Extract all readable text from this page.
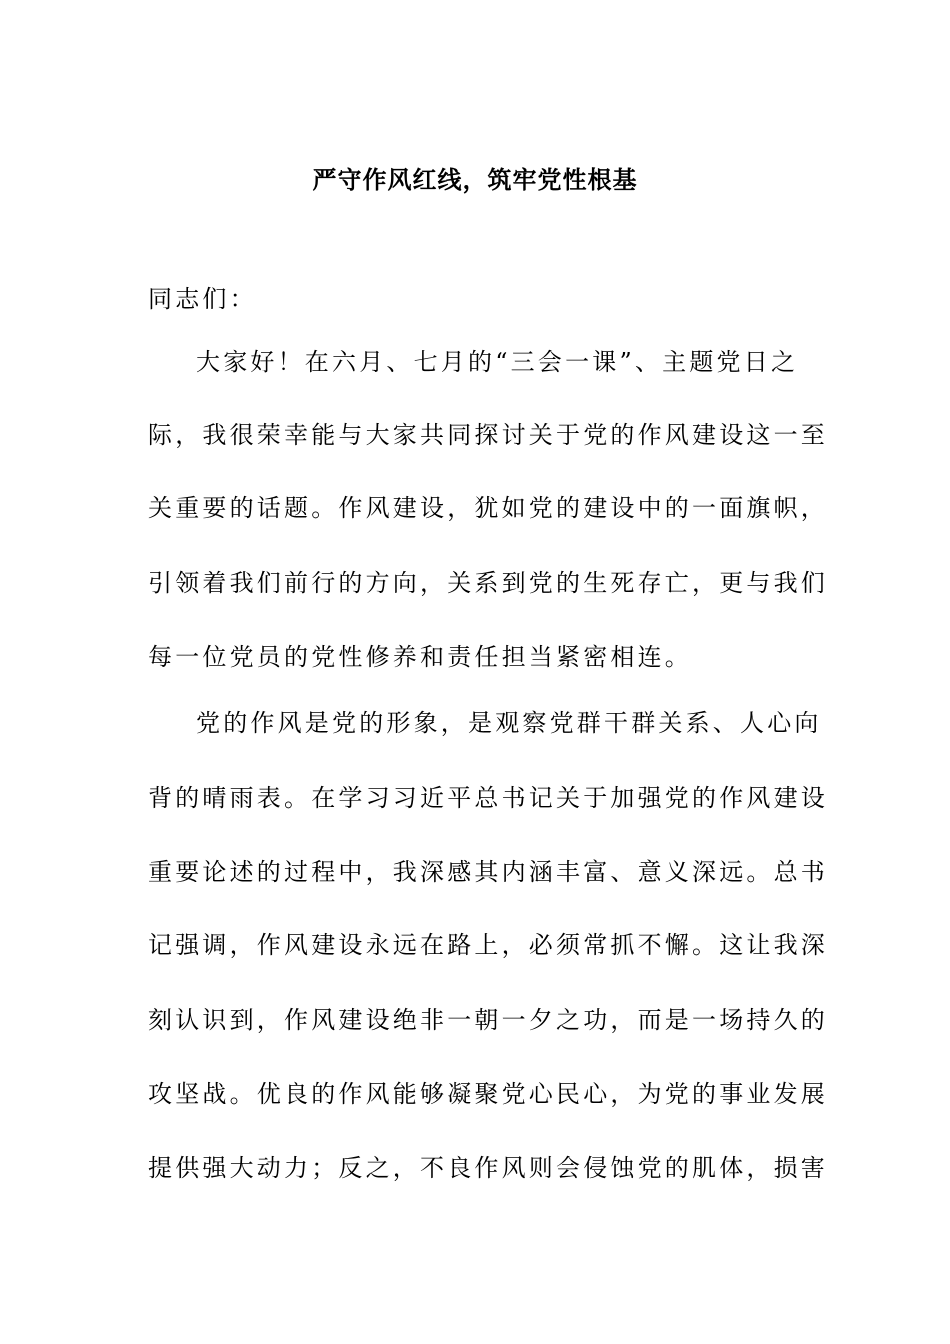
严守作风红线，筑牢党性根基
同志们：
大家好！在六月、七月的“三会一课”、主题党日之
际，我很荣幸能与大家共同探讨关于党的作风建设这一至
关重要的话题。作风建设，犹如党的建设中的一面旗帜，
引领着我们前行的方向，关系到党的生死存亡，更与我们
每一位党员的党性修养和责任担当紧密相连。
党的作风是党的形象，是观察党群干群关系、人心向
背的晴雨表。在学习习近平总书记关于加强党的作风建设
重要论述的过程中，我深感其内涵丰富、意义深远。总书
记强调，作风建设永远在路上，必须常抓不懈。这让我深
刻认识到，作风建设绝非一朝一夕之功，而是一场持久的
攻坚战。优良的作风能够凝聚党心民心，为党的事业发展
提供强大动力；反之，不良作风则会侵蚀党的肌体，损害
